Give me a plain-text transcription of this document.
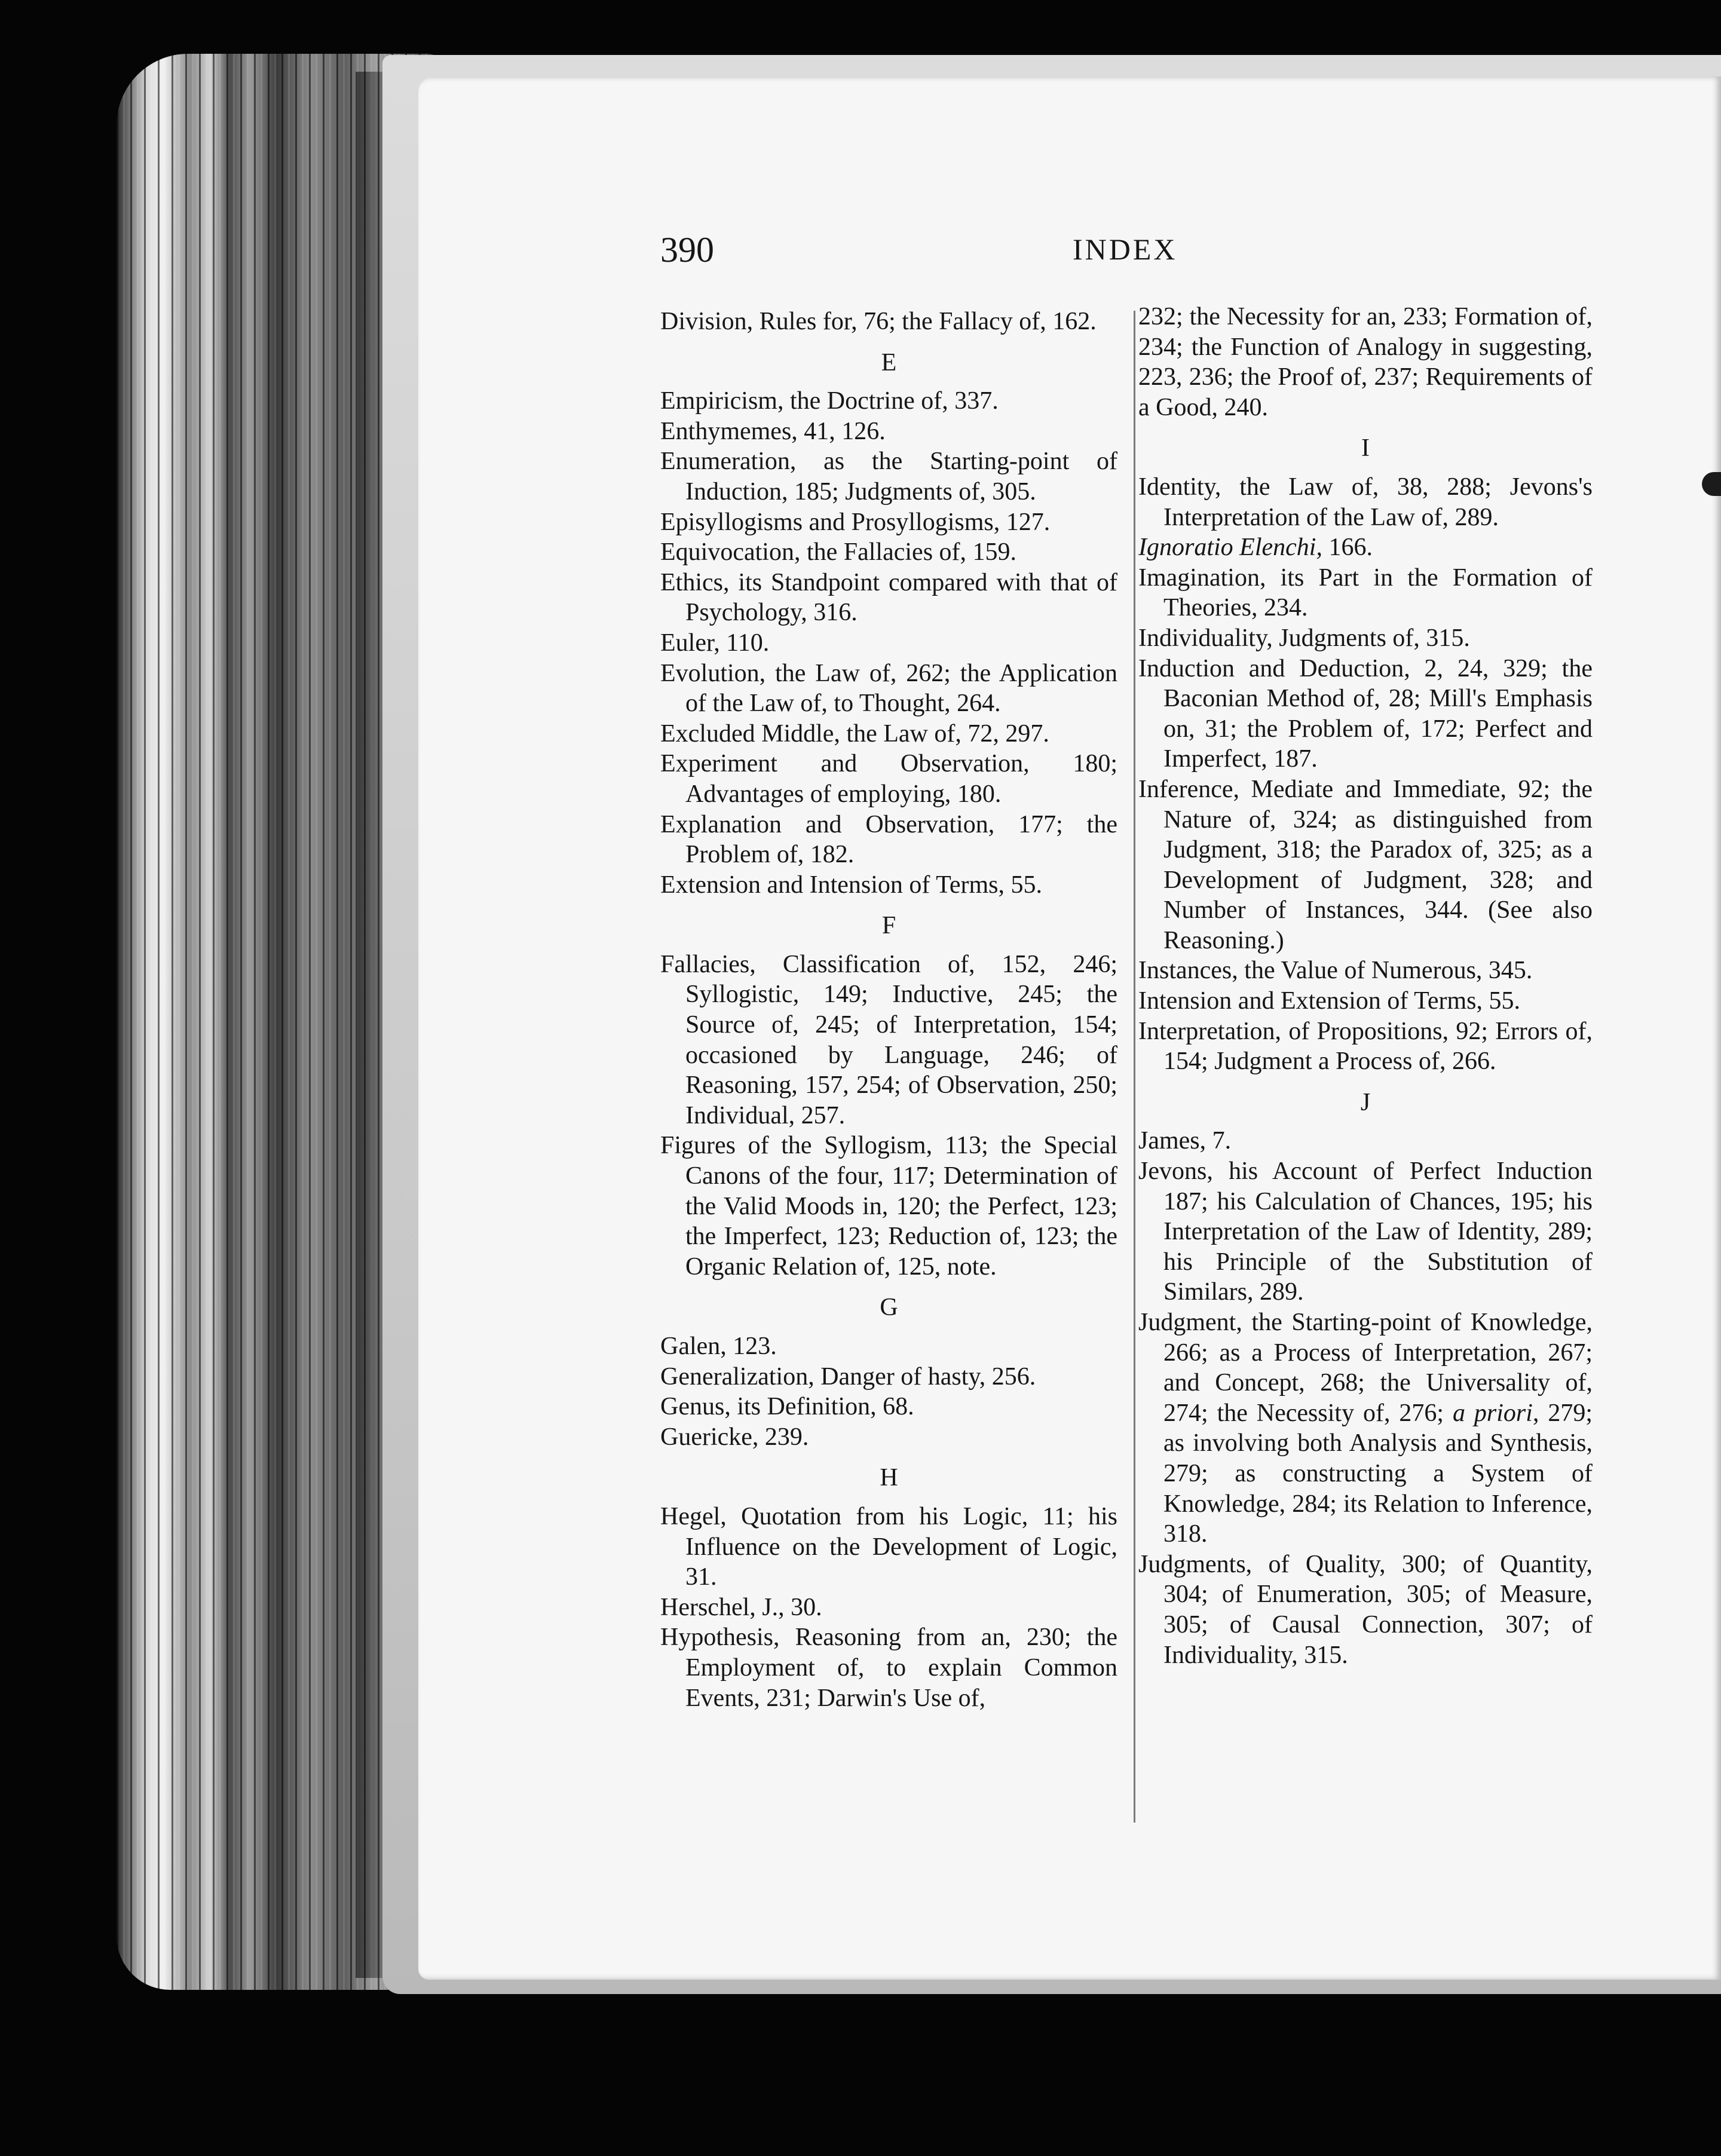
390	INDEX

Division, Rules for, 76; the Fallacy of, 162.

E

Empiricism, the Doctrine of, 337.

Enthymemes, 41, 126.

Enumeration, as the Starting-point of Induction, 185; Judgments of, 305.

Episyllogisms and Prosyllogisms, 127.

Equivocation, the Fallacies of, 159.

Ethics, its Standpoint compared with that of Psychology, 316.

Euler, 110.

Evolution, the Law of, 262; the Application of the Law of, to Thought, 264.

Excluded Middle, the Law of, 72, 297.

Experiment and Observation, 180; Advantages of employing, 180.

Explanation and Observation, 177; the Problem of, 182.

Extension and Intension of Terms, 55.

F

Fallacies, Classification of, 152, 246; Syllogistic, 149; Inductive, 245; the Source of, 245; of Interpretation, 154; occasioned by Language, 246; of Reasoning, 157, 254; of Observation, 250; Individual, 257.

Figures of the Syllogism, 113; the Special Canons of the four, 117; Determination of the Valid Moods in, 120; the Perfect, 123; the Imperfect, 123; Reduction of, 123; the Organic Relation of, 125, note.

G

Galen, 123.

Generalization, Danger of hasty, 256.

Genus, its Definition, 68.

Guericke, 239.

H

Hegel, Quotation from his Logic, 11; his Influence on the Development of Logic, 31.

Herschel, J., 30.

Hypothesis, Reasoning from an, 230; the Employment of, to explain Common Events, 231; Darwin's Use of,

232; the Necessity for an, 233; Formation of, 234; the Function of Analogy in suggesting, 223, 236; the Proof of, 237; Requirements of a Good, 240.

I

Identity, the Law of, 38, 288; Jevons's Interpretation of the Law of, 289.

Ignoratio Elenchi, 166.

Imagination, its Part in the Formation of Theories, 234.

Individuality, Judgments of, 315.

Induction and Deduction, 2, 24, 329; the Baconian Method of, 28; Mill's Emphasis on, 31; the Problem of, 172; Perfect and Imperfect, 187.

Inference, Mediate and Immediate, 92; the Nature of, 324; as distinguished from Judgment, 318; the Paradox of, 325; as a Development of Judgment, 328; and Number of Instances, 344. (See also Reasoning.)

Instances, the Value of Numerous, 345.

Intension and Extension of Terms, 55.

Interpretation, of Propositions, 92; Errors of, 154; Judgment a Process of, 266.

J

James, 7.

Jevons, his Account of Perfect Induction 187; his Calculation of Chances, 195; his Interpretation of the Law of Identity, 289; his Principle of the Substitution of Similars, 289.

Judgment, the Starting-point of Knowledge, 266; as a Process of Interpretation, 267; and Concept, 268; the Universality of, 274; the Necessity of, 276; a priori, 279; as involving both Analysis and Synthesis, 279; as constructing a System of Knowledge, 284; its Relation to Inference, 318.

Judgments, of Quality, 300; of Quantity, 304; of Enumeration, 305; of Measure, 305; of Causal Connection, 307; of Individuality, 315.
